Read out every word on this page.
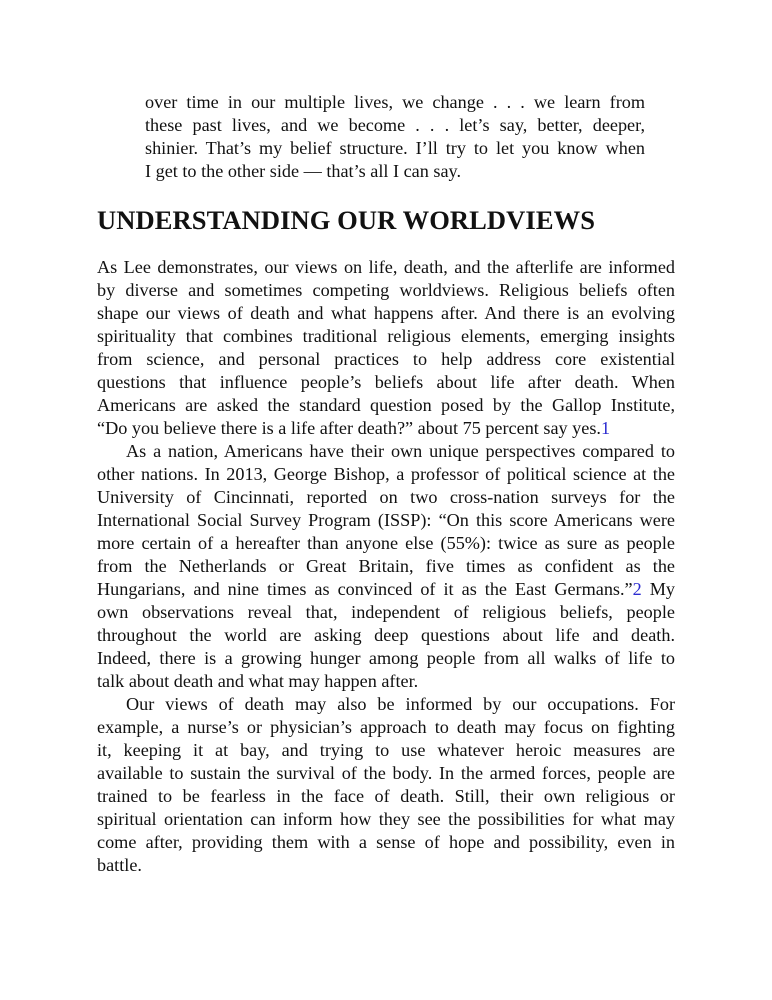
over time in our multiple lives, we change . . . we learn from
these past lives, and we become . . . let’s say, better, deeper,
shinier. That’s my belief structure. I’ll try to let you know when
I get to the other side — that’s all I can say.
UNDERSTANDING OUR WORLDVIEWS
As Lee demonstrates, our views on life, death, and the afterlife are informed
by diverse and sometimes competing worldviews. Religious beliefs often
shape our views of death and what happens after. And there is an evolving
spirituality that combines traditional religious elements, emerging insights
from science, and personal practices to help address core existential
questions that influence people’s beliefs about life after death. When
Americans are asked the standard question posed by the Gallop Institute,
“Do you believe there is a life after death?” about 75 percent say yes.1
As a nation, Americans have their own unique perspectives compared to
other nations. In 2013, George Bishop, a professor of political science at the
University of Cincinnati, reported on two cross-nation surveys for the
International Social Survey Program (ISSP): “On this score Americans were
more certain of a hereafter than anyone else (55%): twice as sure as people
from the Netherlands or Great Britain, five times as confident as the
Hungarians, and nine times as convinced of it as the East Germans.”2 My
own observations reveal that, independent of religious beliefs, people
throughout the world are asking deep questions about life and death.
Indeed, there is a growing hunger among people from all walks of life to
talk about death and what may happen after.
Our views of death may also be informed by our occupations. For
example, a nurse’s or physician’s approach to death may focus on fighting
it, keeping it at bay, and trying to use whatever heroic measures are
available to sustain the survival of the body. In the armed forces, people are
trained to be fearless in the face of death. Still, their own religious or
spiritual orientation can inform how they see the possibilities for what may
come after, providing them with a sense of hope and possibility, even in
battle.
